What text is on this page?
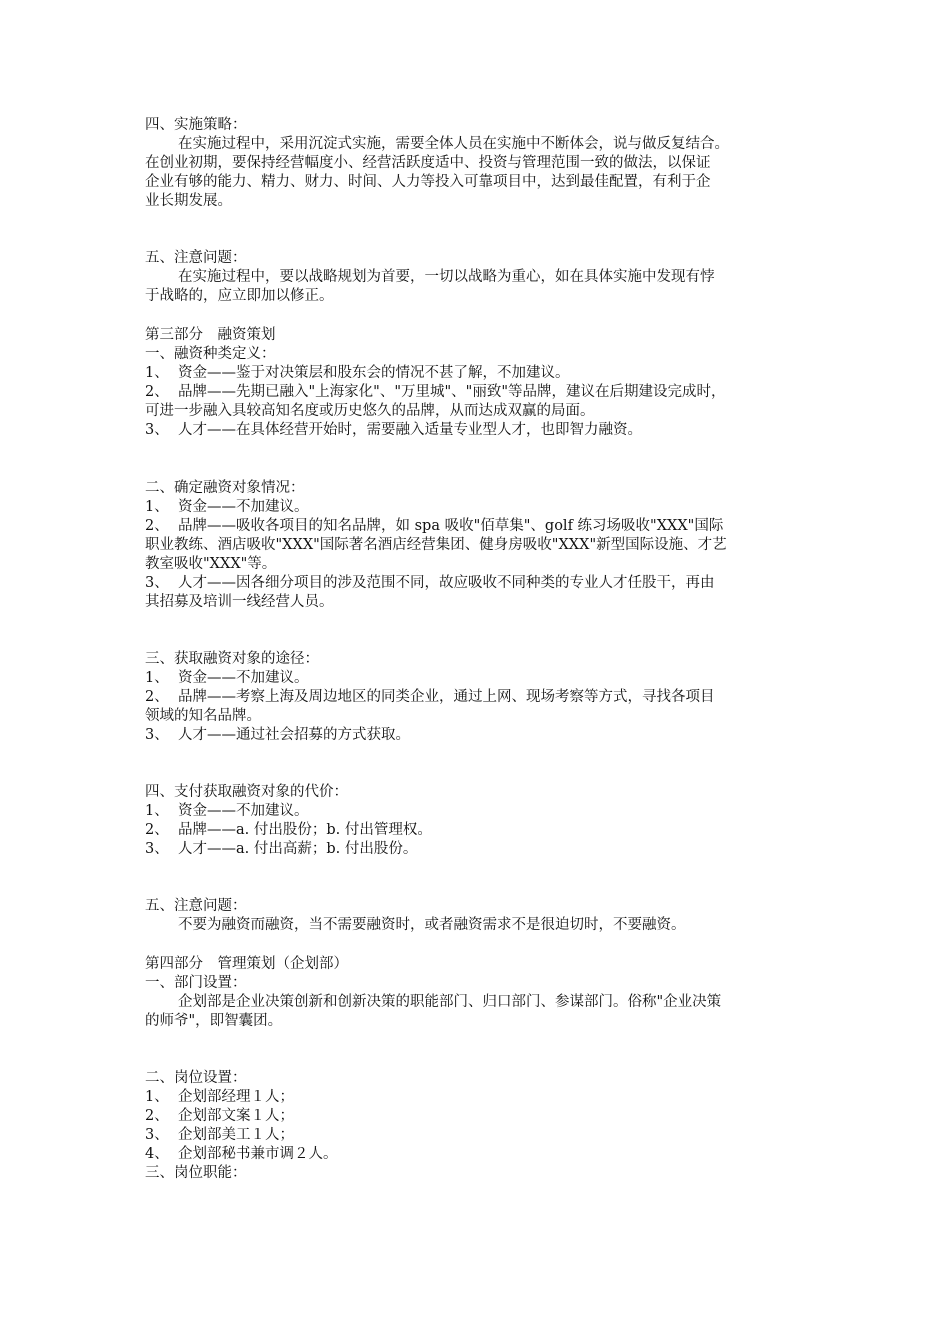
四、实施策略：
在实施过程中，采用沉淀式实施，需要全体人员在实施中不断体会，说与做反复结合。
在创业初期，要保持经营幅度小、经营活跃度适中、投资与管理范围一致的做法，以保证
企业有够的能力、精力、财力、时间、人力等投入可靠项目中，达到最佳配置，有利于企
业长期发展。
五、注意问题：
在实施过程中，要以战略规划为首要，一切以战略为重心，如在具体实施中发现有悖
于战略的，应立即加以修正。
第三部分　融资策划
一、融资种类定义：
1、 资金——鉴于对决策层和股东会的情况不甚了解，不加建议。
2、 品牌——先期已融入"上海家化"、"万里城"、"丽致"等品牌，建议在后期建设完成时，
可进一步融入具较高知名度或历史悠久的品牌，从而达成双赢的局面。
3、 人才——在具体经营开始时，需要融入适量专业型人才，也即智力融资。
二、确定融资对象情况：
1、 资金——不加建议。
2、 品牌——吸收各项目的知名品牌，如 spa 吸收"佰草集"、golf 练习场吸收"XXX"国际
职业教练、酒店吸收"XXX"国际著名酒店经营集团、健身房吸收"XXX"新型国际设施、才艺
教室吸收"XXX"等。
3、 人才——因各细分项目的涉及范围不同，故应吸收不同种类的专业人才任股干，再由
其招募及培训一线经营人员。
三、获取融资对象的途径：
1、 资金——不加建议。
2、 品牌——考察上海及周边地区的同类企业，通过上网、现场考察等方式，寻找各项目
领域的知名品牌。
3、 人才——通过社会招募的方式获取。
四、支付获取融资对象的代价：
1、 资金——不加建议。
2、 品牌——a. 付出股份；b. 付出管理权。
3、 人才——a. 付出高薪；b. 付出股份。
五、注意问题：
不要为融资而融资，当不需要融资时，或者融资需求不是很迫切时，不要融资。
第四部分　管理策划（企划部）
一、部门设置：
企划部是企业决策创新和创新决策的职能部门、归口部门、参谋部门。俗称"企业决策
的师爷"，即智囊团。
二、岗位设置：
1、 企划部经理１人；
2、 企划部文案１人；
3、 企划部美工１人；
4、 企划部秘书兼市调２人。
三、岗位职能：
